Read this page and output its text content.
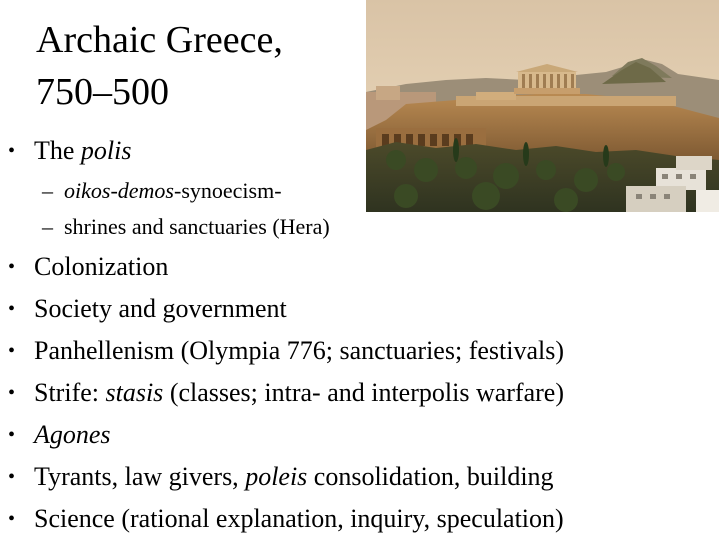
Archaic Greece,
750–500
• The polis
– oikos-demos-synoecism-
– shrines and sanctuaries (Hera)
• Colonization
• Society and government
• Panhellenism (Olympia 776; sanctuaries; festivals)
• Strife: stasis (classes; intra- and interpolis warfare)
• Agones
• Tyrants, law givers, poleis consolidation, building
• Science (rational explanation, inquiry, speculation)
